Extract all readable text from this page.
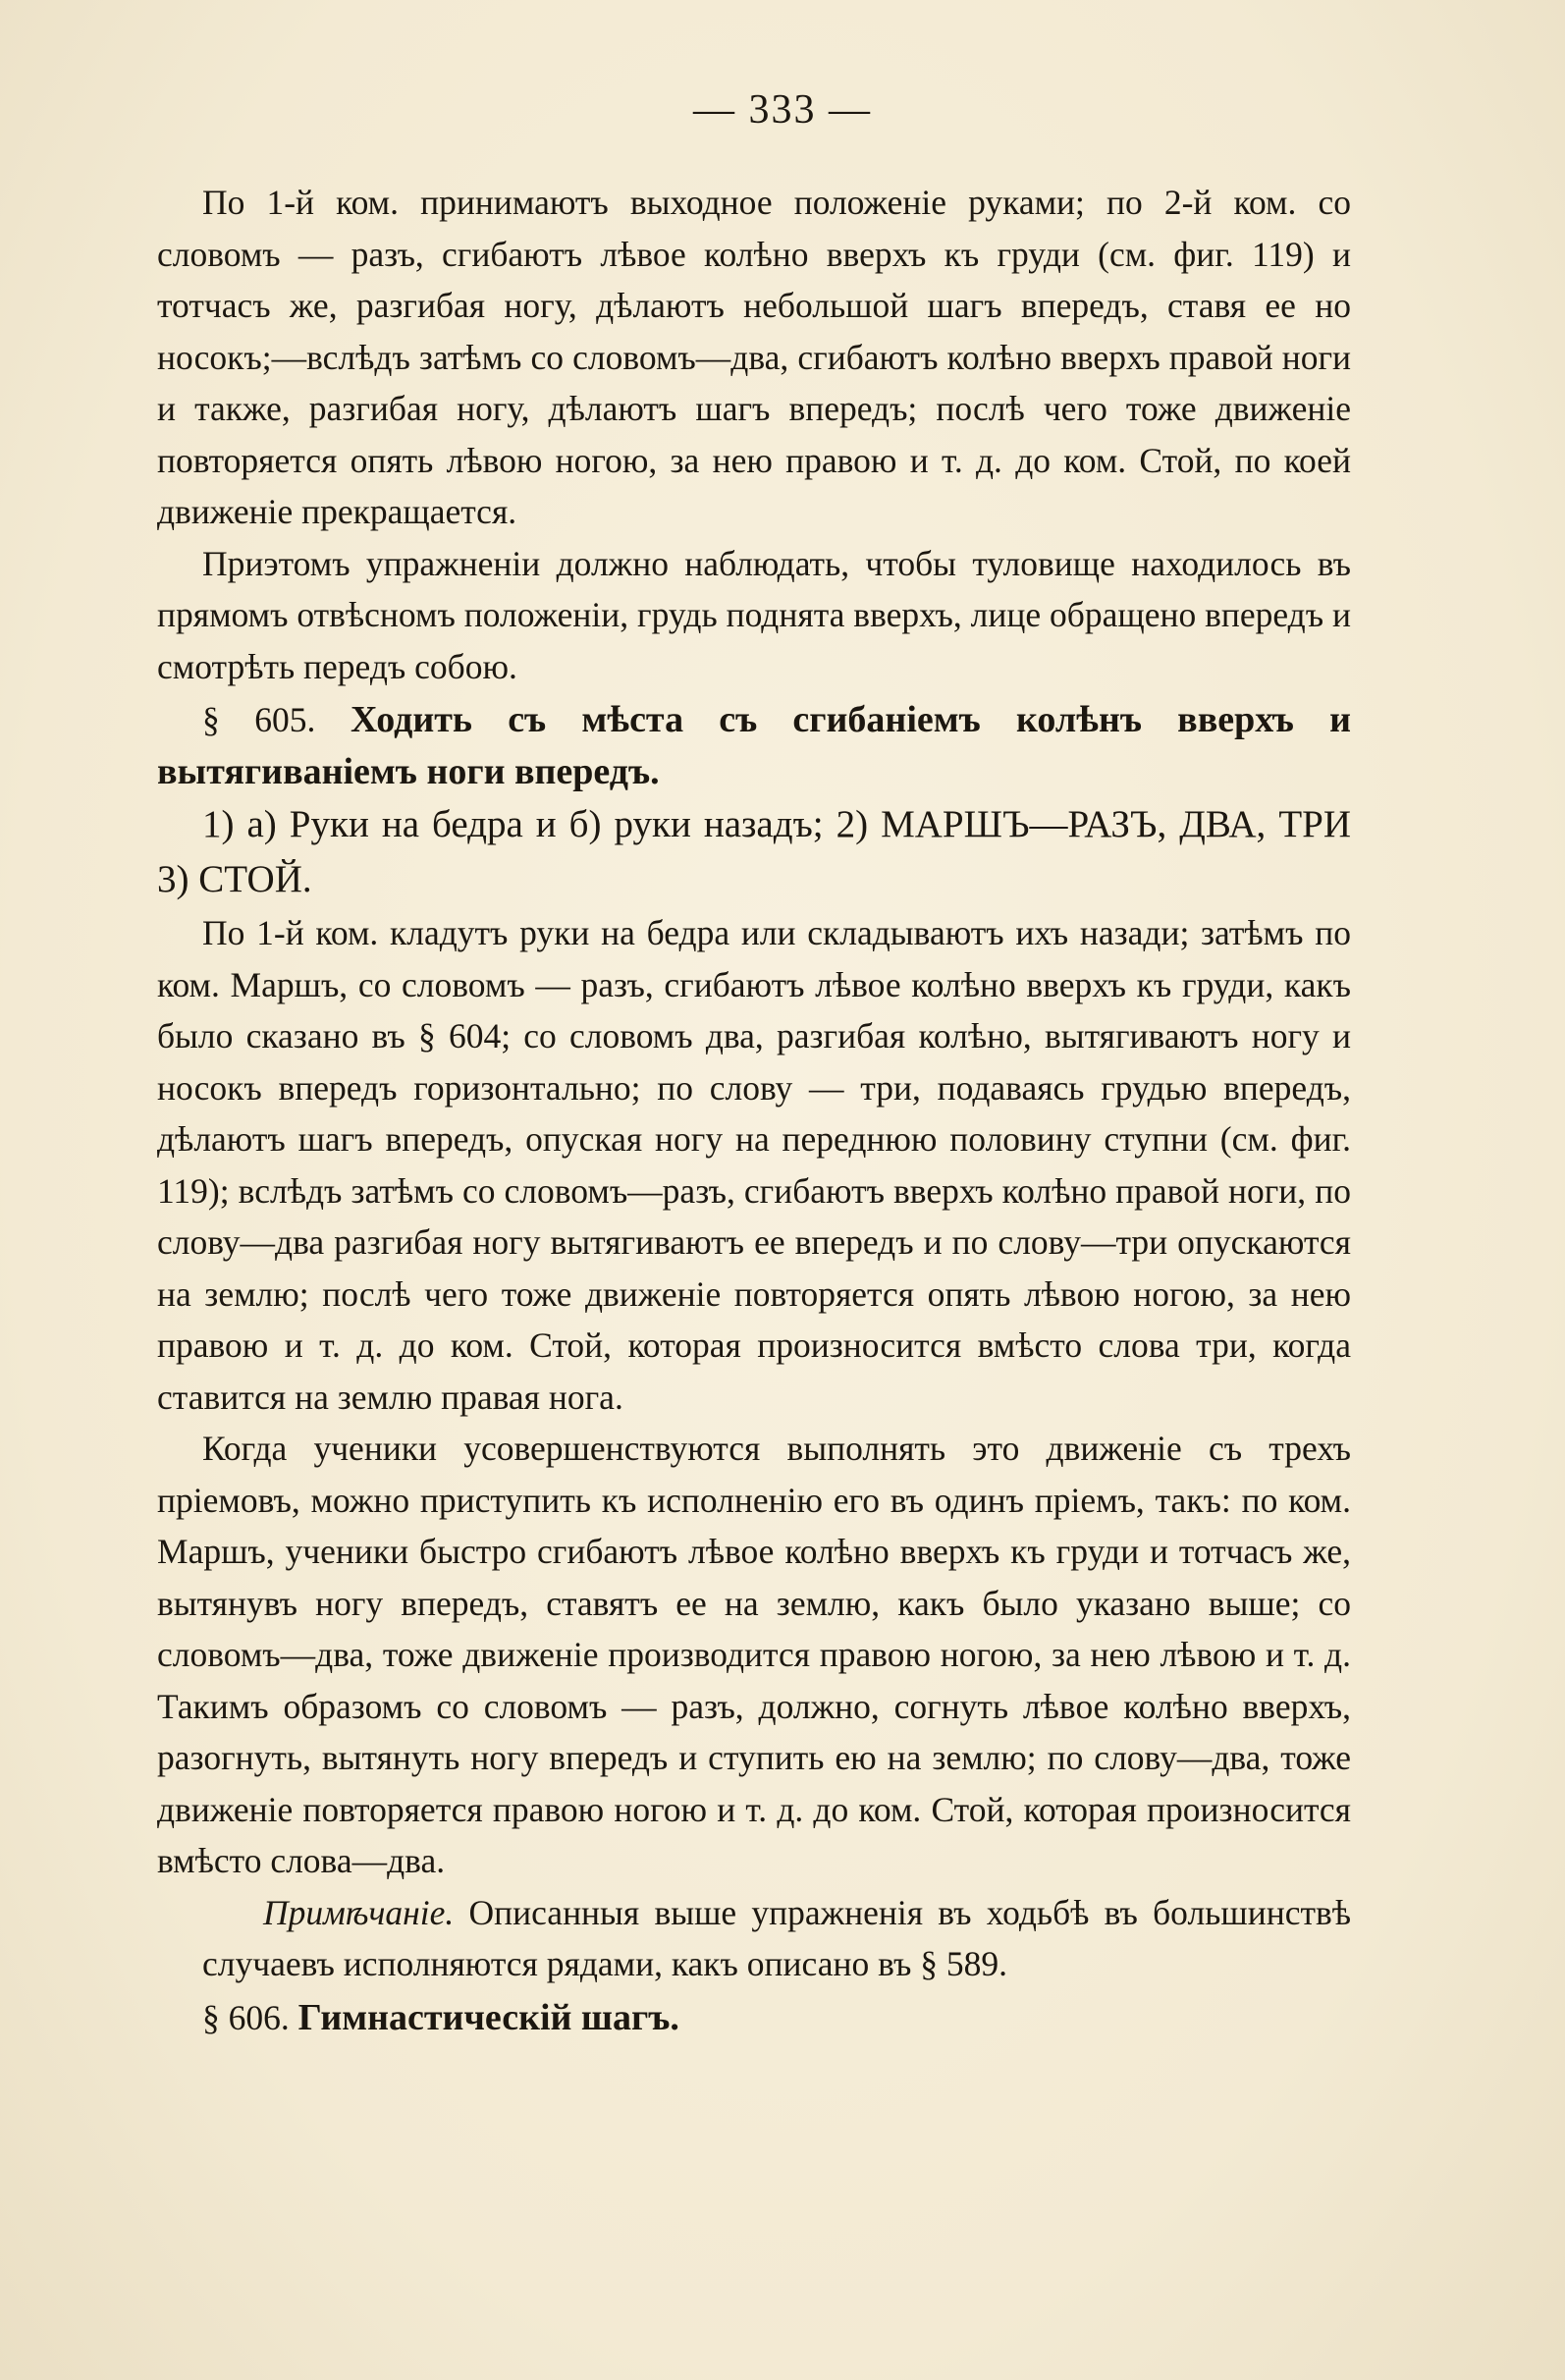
— 333 —

По 1-й ком. принимаютъ выходное положеніе руками; по 2-й ком. со словомъ — разъ, сгибаютъ лѣвое колѣно вверхъ къ груди (см. фиг. 119) и тотчасъ же, разгибая ногу, дѣлаютъ небольшой шагъ впередъ, ставя ее но носокъ;—вслѣдъ затѣмъ со словомъ—два, сгибаютъ колѣно вверхъ правой ноги и также, разгибая ногу, дѣлаютъ шагъ впередъ; послѣ чего тоже движеніе повторяется опять лѣвою ногою, за нею правою и т. д. до ком. Стой, по коей движеніе прекращается.

Приэтомъ упражненіи должно наблюдать, чтобы туловище находилось въ прямомъ отвѣсномъ положеніи, грудь поднята вверхъ, лице обращено впередъ и смотрѣть передъ собою.

§ 605. Ходить съ мѣста съ сгибаніемъ колѣнъ вверхъ и вытягиваніемъ ноги впередъ.

1) а) Руки на бедра и б) руки назадъ; 2) МАРШЪ—РАЗЪ, ДВА, ТРИ 3) СТОЙ.

По 1-й ком. кладутъ руки на бедра или складываютъ ихъ назади; затѣмъ по ком. Маршъ, со словомъ — разъ, сгибаютъ лѣвое колѣно вверхъ къ груди, какъ было сказано въ § 604; со словомъ два, разгибая колѣно, вытягиваютъ ногу и носокъ впередъ горизонтально; по слову — три, подаваясь грудью впередъ, дѣлаютъ шагъ впередъ, опуская ногу на переднюю половину ступни (см. фиг. 119); вслѣдъ затѣмъ со словомъ—разъ, сгибаютъ вверхъ колѣно правой ноги, по слову—два разгибая ногу вытягиваютъ ее впередъ и по слову—три опускаются на землю; послѣ чего тоже движеніе повторяется опять лѣвою ногою, за нею правою и т. д. до ком. Стой, которая произносится вмѣсто слова три, когда ставится на землю правая нога.

Когда ученики усовершенствуются выполнять это движеніе съ трехъ пріемовъ, можно приступить къ исполненію его въ одинъ пріемъ, такъ: по ком. Маршъ, ученики быстро сгибаютъ лѣвое колѣно вверхъ къ груди и тотчасъ же, вытянувъ ногу впередъ, ставятъ ее на землю, какъ было указано выше; со словомъ—два, тоже движеніе производится правою ногою, за нею лѣвою и т. д. Такимъ образомъ со словомъ — разъ, должно, согнуть лѣвое колѣно вверхъ, разогнуть, вытянуть ногу впередъ и ступить ею на землю; по слову—два, тоже движеніе повторяется правою ногою и т. д. до ком. Стой, которая произносится вмѣсто слова—два.

Примѣчаніе. Описанныя выше упражненія въ ходьбѣ въ большинствѣ случаевъ исполняются рядами, какъ описано въ § 589.

§ 606. Гимнастическій шагъ.
